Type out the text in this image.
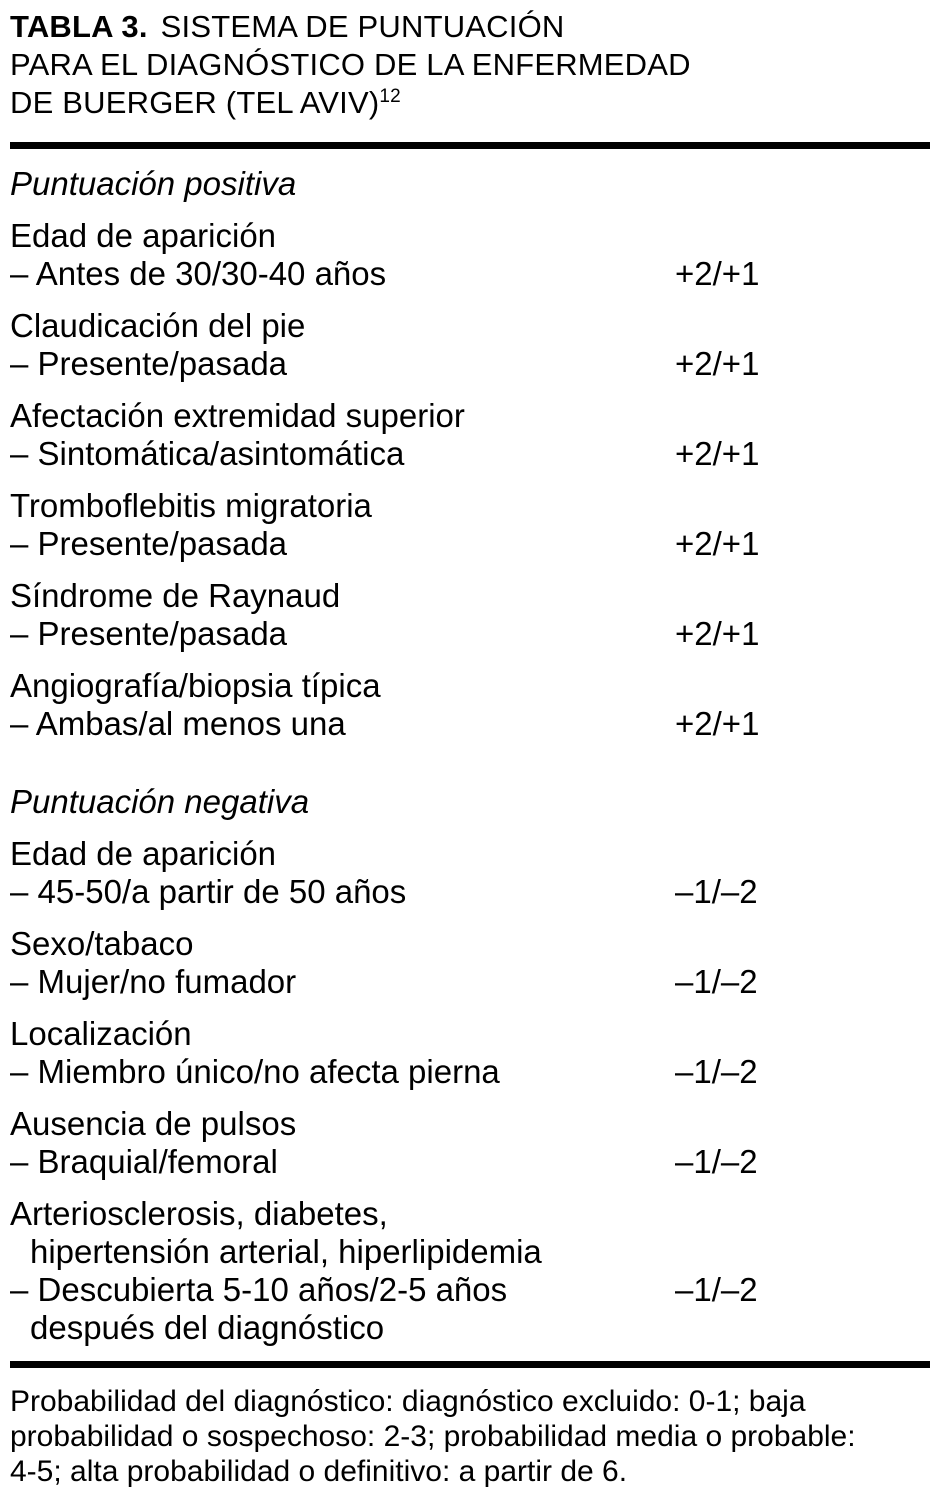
TABLA 3. SISTEMA DE PUNTUACIÓN
PARA EL DIAGNÓSTICO DE LA ENFERMEDAD
DE BUERGER (TEL AVIV)$^{12}$
Puntuación positiva
Edad de aparición
– Antes de 30/30-40 años	+2/+1
Claudicación del pie
– Presente/pasada	+2/+1
Afectación extremidad superior
– Sintomática/asintomática	+2/+1
Tromboflebitis migratoria
– Presente/pasada	+2/+1
Síndrome de Raynaud
– Presente/pasada	+2/+1
Angiografía/biopsia típica
– Ambas/al menos una	+2/+1
Puntuación negativa
Edad de aparición
– 45-50/a partir de 50 años	–1/–2
Sexo/tabaco
– Mujer/no fumador	–1/–2
Localización
– Miembro único/no afecta pierna	–1/–2
Ausencia de pulsos
– Braquial/femoral	–1/–2
Arteriosclerosis, diabetes,
hipertensión arterial, hiperlipidemia
– Descubierta 5-10 años/2-5 años	–1/–2
después del diagnóstico
Probabilidad del diagnóstico: diagnóstico excluido: 0-1; baja
probabilidad o sospechoso: 2-3; probabilidad media o probable:
4-5; alta probabilidad o definitivo: a partir de 6.
